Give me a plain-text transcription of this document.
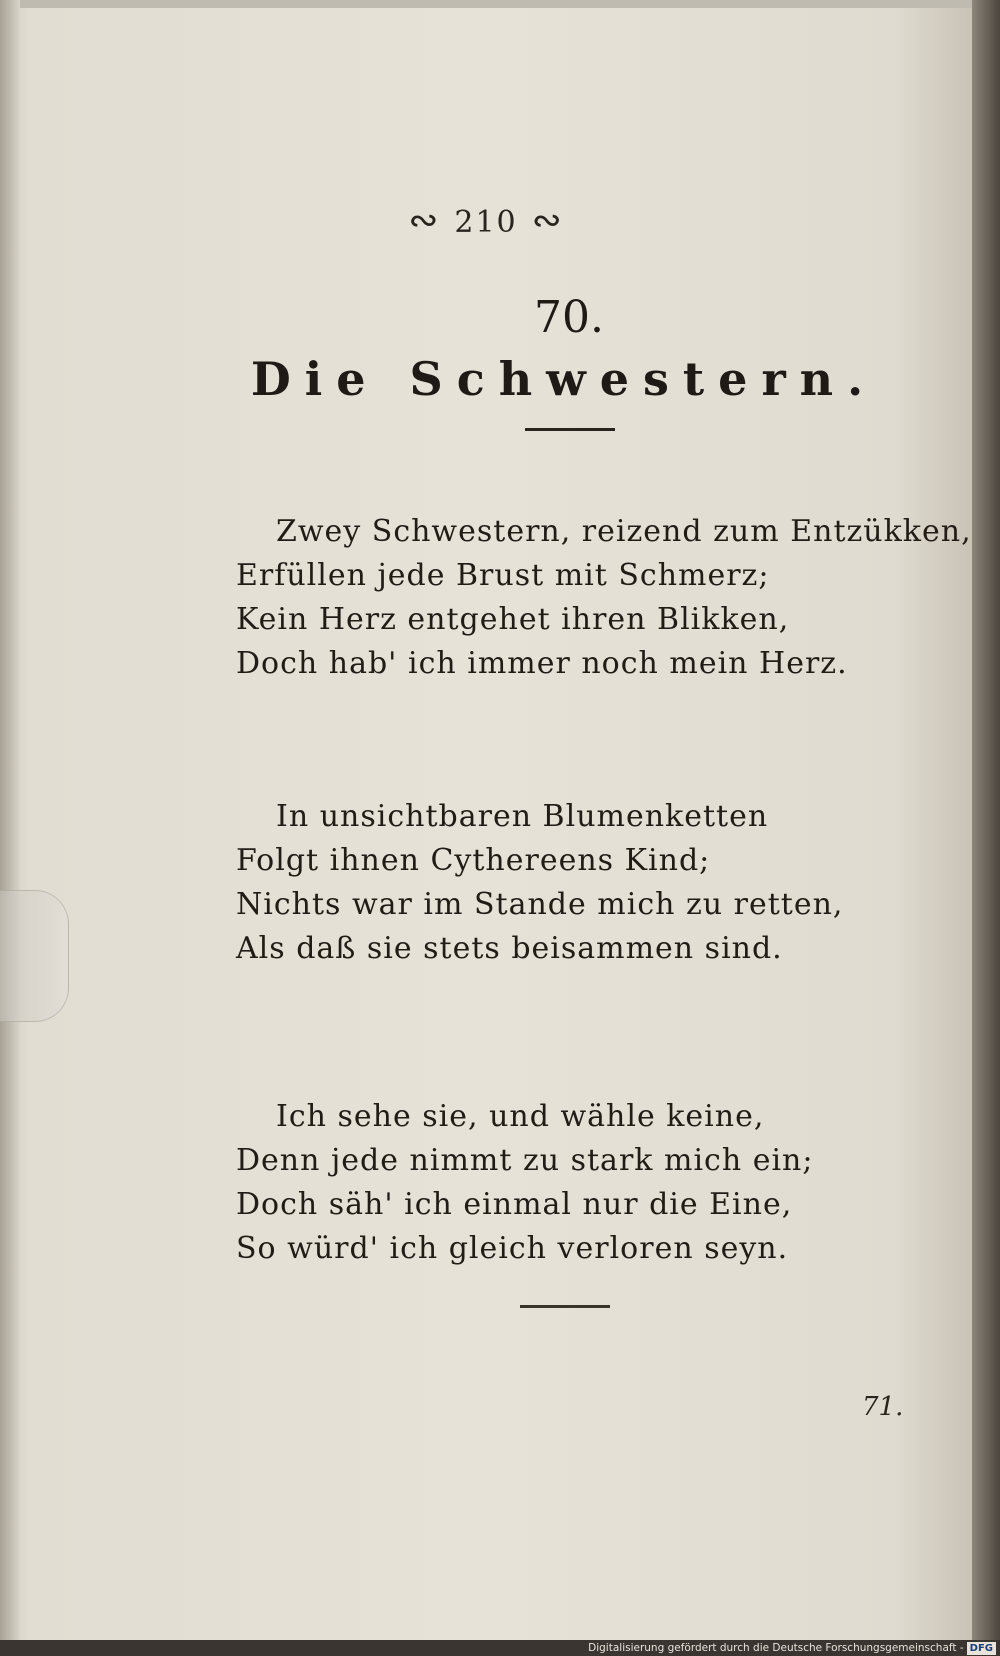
∾ 210 ∾
70.
Die Schwestern.
Zwey Schwestern, reizend zum Entzükken,
Erfüllen jede Brust mit Schmerz;
Kein Herz entgehet ihren Blikken,
Doch hab' ich immer noch mein Herz.
In unsichtbaren Blumenketten
Folgt ihnen Cythereens Kind;
Nichts war im Stande mich zu retten,
Als daß sie stets beisammen sind.
Ich sehe sie, und wähle keine,
Denn jede nimmt zu stark mich ein;
Doch säh' ich einmal nur die Eine,
So würd' ich gleich verloren seyn.
71.
Digitalisierung gefördert durch die Deutsche Forschungsgemeinschaft - DFG
